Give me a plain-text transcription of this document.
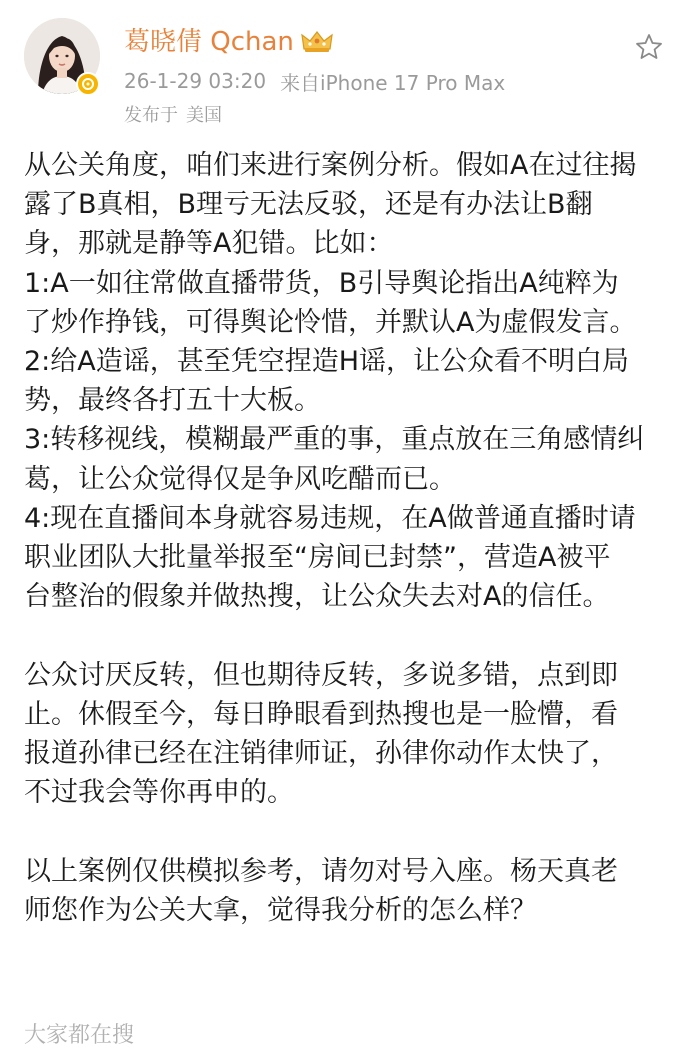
葛晓倩 Qchan
26-1-29 03:20 来自iPhone 17 Pro Max
发布于 美国

从公关角度，咱们来进行案例分析。假如A在过往揭
露了B真相，B理亏无法反驳，还是有办法让B翻
身，那就是静等A犯错。比如：
1:A一如往常做直播带货，B引导舆论指出A纯粹为
了炒作挣钱，可得舆论怜惜，并默认A为虚假发言。
2:给A造谣，甚至凭空捏造H谣，让公众看不明白局
势，最终各打五十大板。
3:转移视线，模糊最严重的事，重点放在三角感情纠
葛，让公众觉得仅是争风吃醋而已。
4:现在直播间本身就容易违规，在A做普通直播时请
职业团队大批量举报至“房间已封禁”，营造A被平
台整治的假象并做热搜，让公众失去对A的信任。

公众讨厌反转，但也期待反转，多说多错，点到即
止。休假至今，每日睁眼看到热搜也是一脸懵，看
报道孙律已经在注销律师证，孙律你动作太快了，
不过我会等你再申的。

以上案例仅供模拟参考，请勿对号入座。杨天真老
师您作为公关大拿，觉得我分析的怎么样？

大家都在搜
